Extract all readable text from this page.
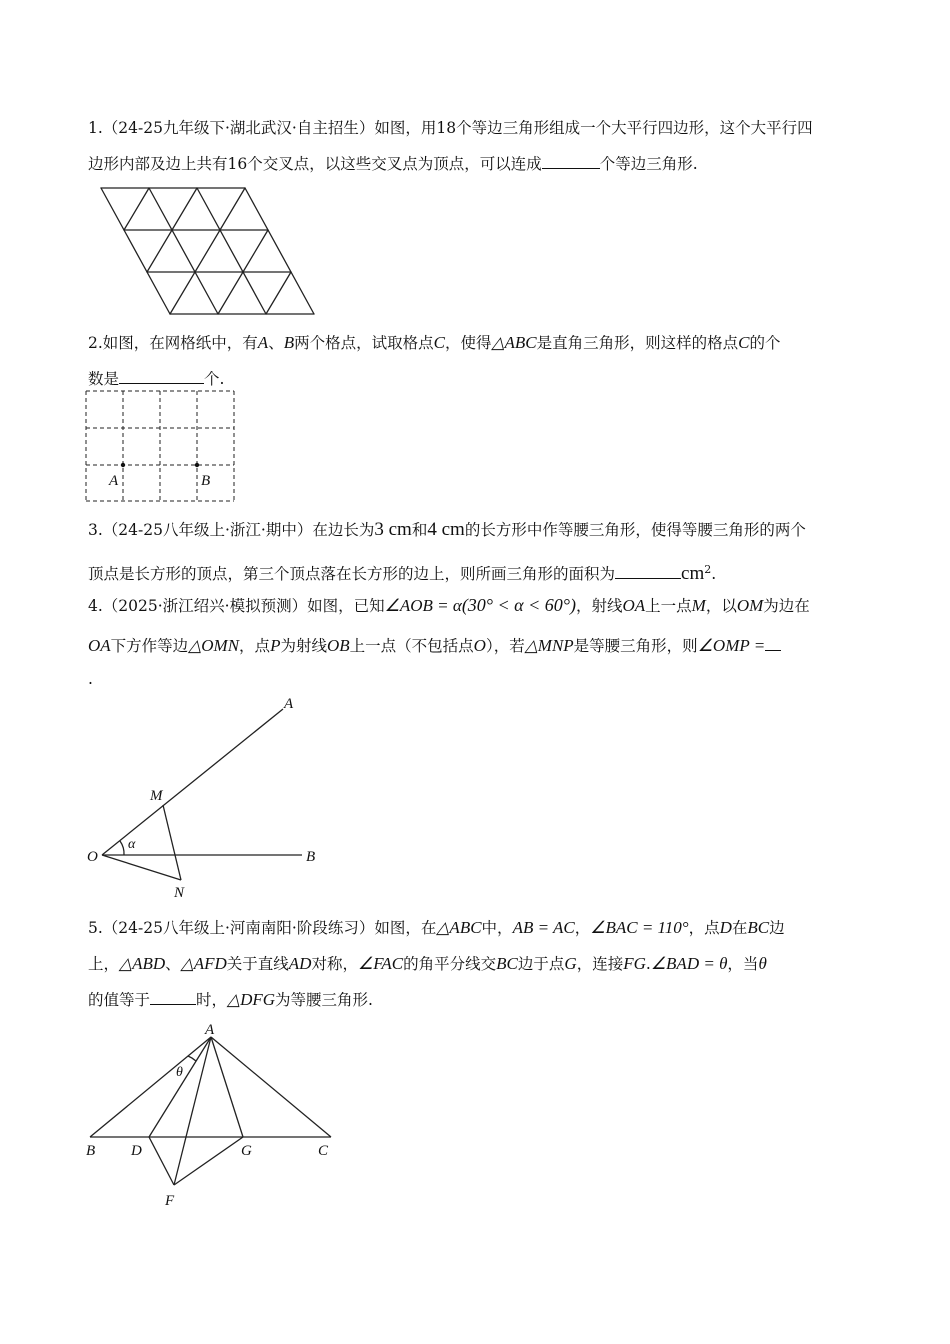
1.（24-25九年级下·湖北武汉·自主招生）如图，用18个等边三角形组成一个大平行四边形，这个大平行四
边形内部及边上共有16个交叉点，以这些交叉点为顶点，可以连成	个等边三角形.
2.如图，在网格纸中，有A、B两个格点，试取格点C，使得△ABC是直角三角形，则这样的格点C的个
数是	个.
A	B
3.（24-25八年级上·浙江·期中）在边长为3 cm和4 cm的长方形中作等腰三角形，使得等腰三角形的两个
顶点是长方形的顶点，第三个顶点落在长方形的边上，则所画三角形的面积为	$cm^2$.
4.（2025·浙江绍兴·模拟预测）如图，已知∠AOB = α(30° < α < 60°)，射线OA上一点M，以OM为边在
OA下方作等边△OMN，点P为射线OB上一点（不包括点O），若△MNP是等腰三角形，则∠OMP =
.
A
M
O
α
B
N
5.（24-25八年级上·河南南阳·阶段练习）如图，在△ABC中，AB = AC，∠BAC = 110°，点D在BC边
上，△ABD、△AFD关于直线AD对称，∠FAC的角平分线交BC边于点G，连接FG.∠BAD = θ，当θ
的值等于	时，△DFG为等腰三角形.
A
θ
B D	G	C
F
